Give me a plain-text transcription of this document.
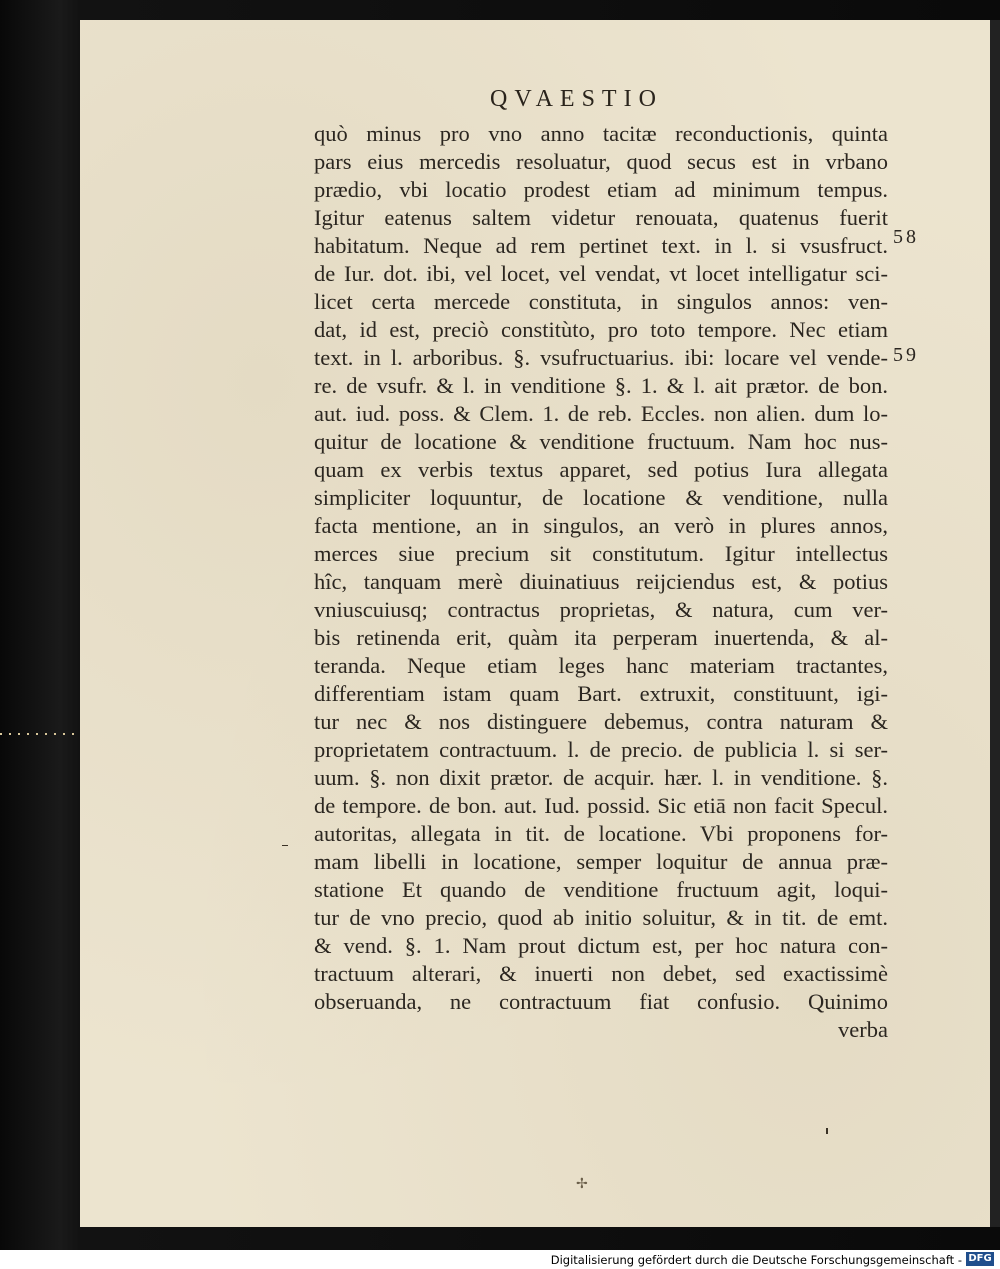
QVAESTIO
58
59
quò minus pro vno anno tacitæ reconductionis, quinta
pars eius mercedis resoluatur, quod secus est in vrbano
prædio, vbi locatio prodest etiam ad minimum tempus.
Igitur eatenus saltem videtur renouata, quatenus fuerit
habitatum. Neque ad rem pertinet text. in l. si vsusfruct.
de Iur. dot. ibi, vel locet, vel vendat, vt locet intelligatur sci-
licet certa mercede constituta, in singulos annos: ven-
dat, id est, preciò constitùto, pro toto tempore. Nec etiam
text. in l. arboribus. §. vsufructuarius. ibi: locare vel vende-
re. de vsufr. & l. in venditione §. 1. & l. ait prætor. de bon.
aut. iud. poss. & Clem. 1. de reb. Eccles. non alien. dum lo-
quitur de locatione & venditione fructuum. Nam hoc nus-
quam ex verbis textus apparet, sed potius Iura allegata
simpliciter loquuntur, de locatione & venditione, nulla
facta mentione, an in singulos, an verò in plures annos,
merces siue precium sit constitutum. Igitur intellectus
hîc, tanquam merè diuinatiuus reijciendus est, & potius
vniuscuiusq; contractus proprietas, & natura, cum ver-
bis retinenda erit, quàm ita perperam inuertenda, & al-
teranda. Neque etiam leges hanc materiam tractantes,
differentiam istam quam Bart. extruxit, constituunt, igi-
tur nec & nos distinguere debemus, contra naturam &
proprietatem contractuum. l. de precio. de publicia l. si ser-
uum. §. non dixit prætor. de acquir. hær. l. in venditione. §.
de tempore. de bon. aut. Iud. possid. Sic etiā non facit Specul.
autoritas, allegata in tit. de locatione. Vbi proponens for-
mam libelli in locatione, semper loquitur de annua præ-
statione Et quando de venditione fructuum agit, loqui-
tur de vno precio, quod ab initio soluitur, & in tit. de emt.
& vend. §. 1. Nam prout dictum est, per hoc natura con-
tractuum alterari, & inuerti non debet, sed exactissimè
obseruanda, ne contractuum fiat confusio. Quinimo
verba
✢
Digitalisierung gefördert durch die Deutsche Forschungsgemeinschaft - DFG
